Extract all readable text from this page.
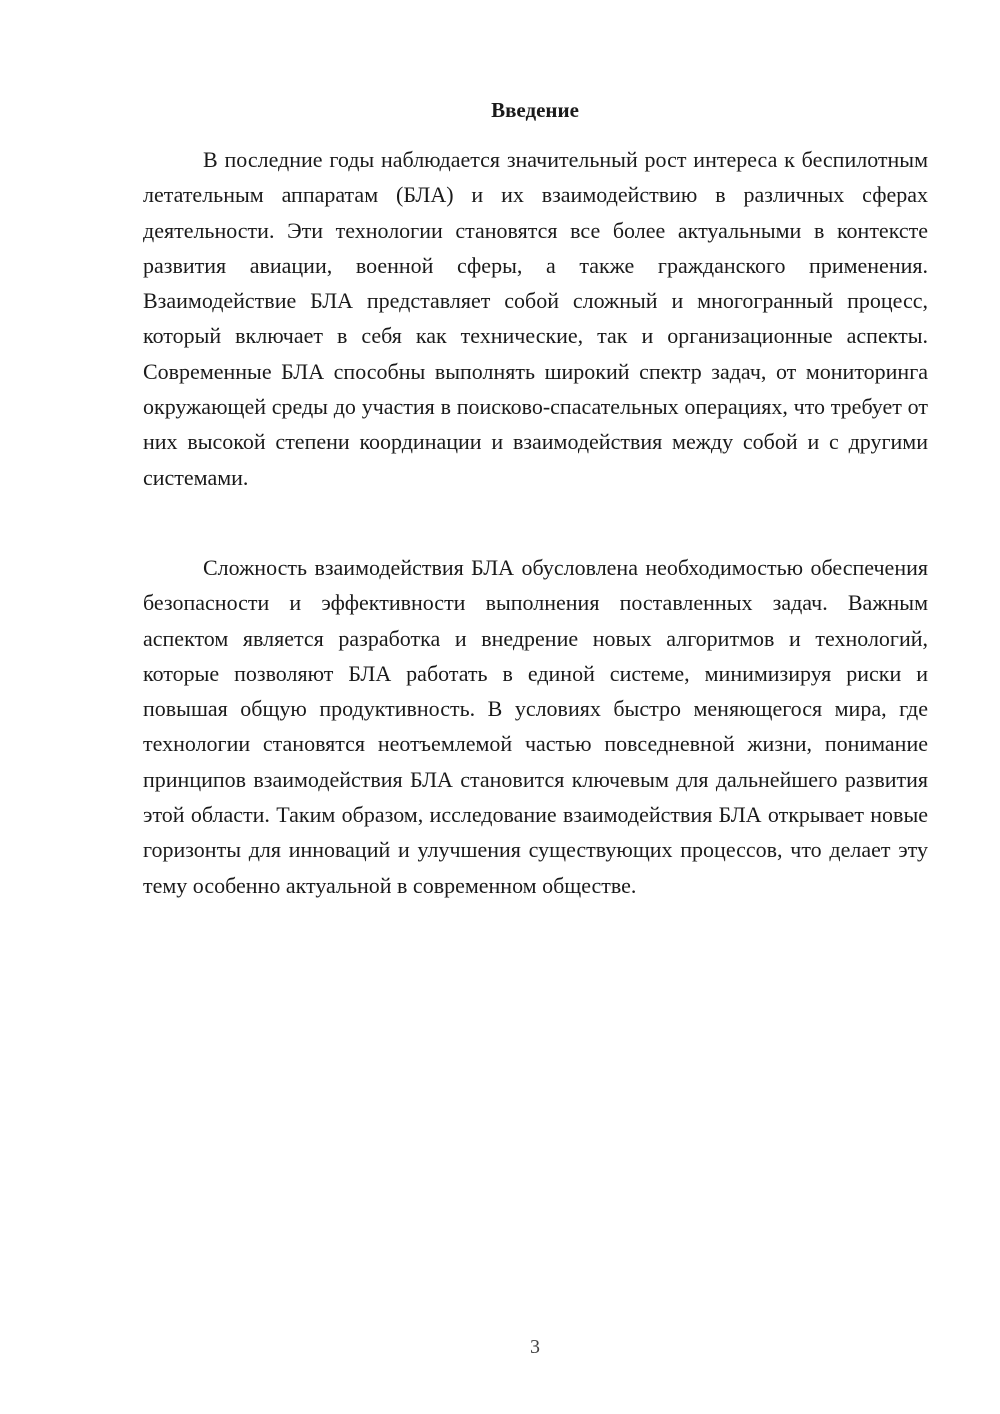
Введение

В последние годы наблюдается значительный рост интереса к беспилотным летательным аппаратам (БЛА) и их взаимодействию в различных сферах деятельности. Эти технологии становятся все более актуальными в контексте развития авиации, военной сферы, а также гражданского применения. Взаимодействие БЛА представляет собой сложный и многогранный процесс, который включает в себя как технические, так и организационные аспекты. Современные БЛА способны выполнять широкий спектр задач, от мониторинга окружающей среды до участия в поисково-спасательных операциях, что требует от них высокой степени координации и взаимодействия между собой и с другими системами.

Сложность взаимодействия БЛА обусловлена необходимостью обеспечения безопасности и эффективности выполнения поставленных задач. Важным аспектом является разработка и внедрение новых алгоритмов и технологий, которые позволяют БЛА работать в единой системе, минимизируя риски и повышая общую продуктивность. В условиях быстро меняющегося мира, где технологии становятся неотъемлемой частью повседневной жизни, понимание принципов взаимодействия БЛА становится ключевым для дальнейшего развития этой области. Таким образом, исследование взаимодействия БЛА открывает новые горизонты для инноваций и улучшения существующих процессов, что делает эту тему особенно актуальной в современном обществе.

3
